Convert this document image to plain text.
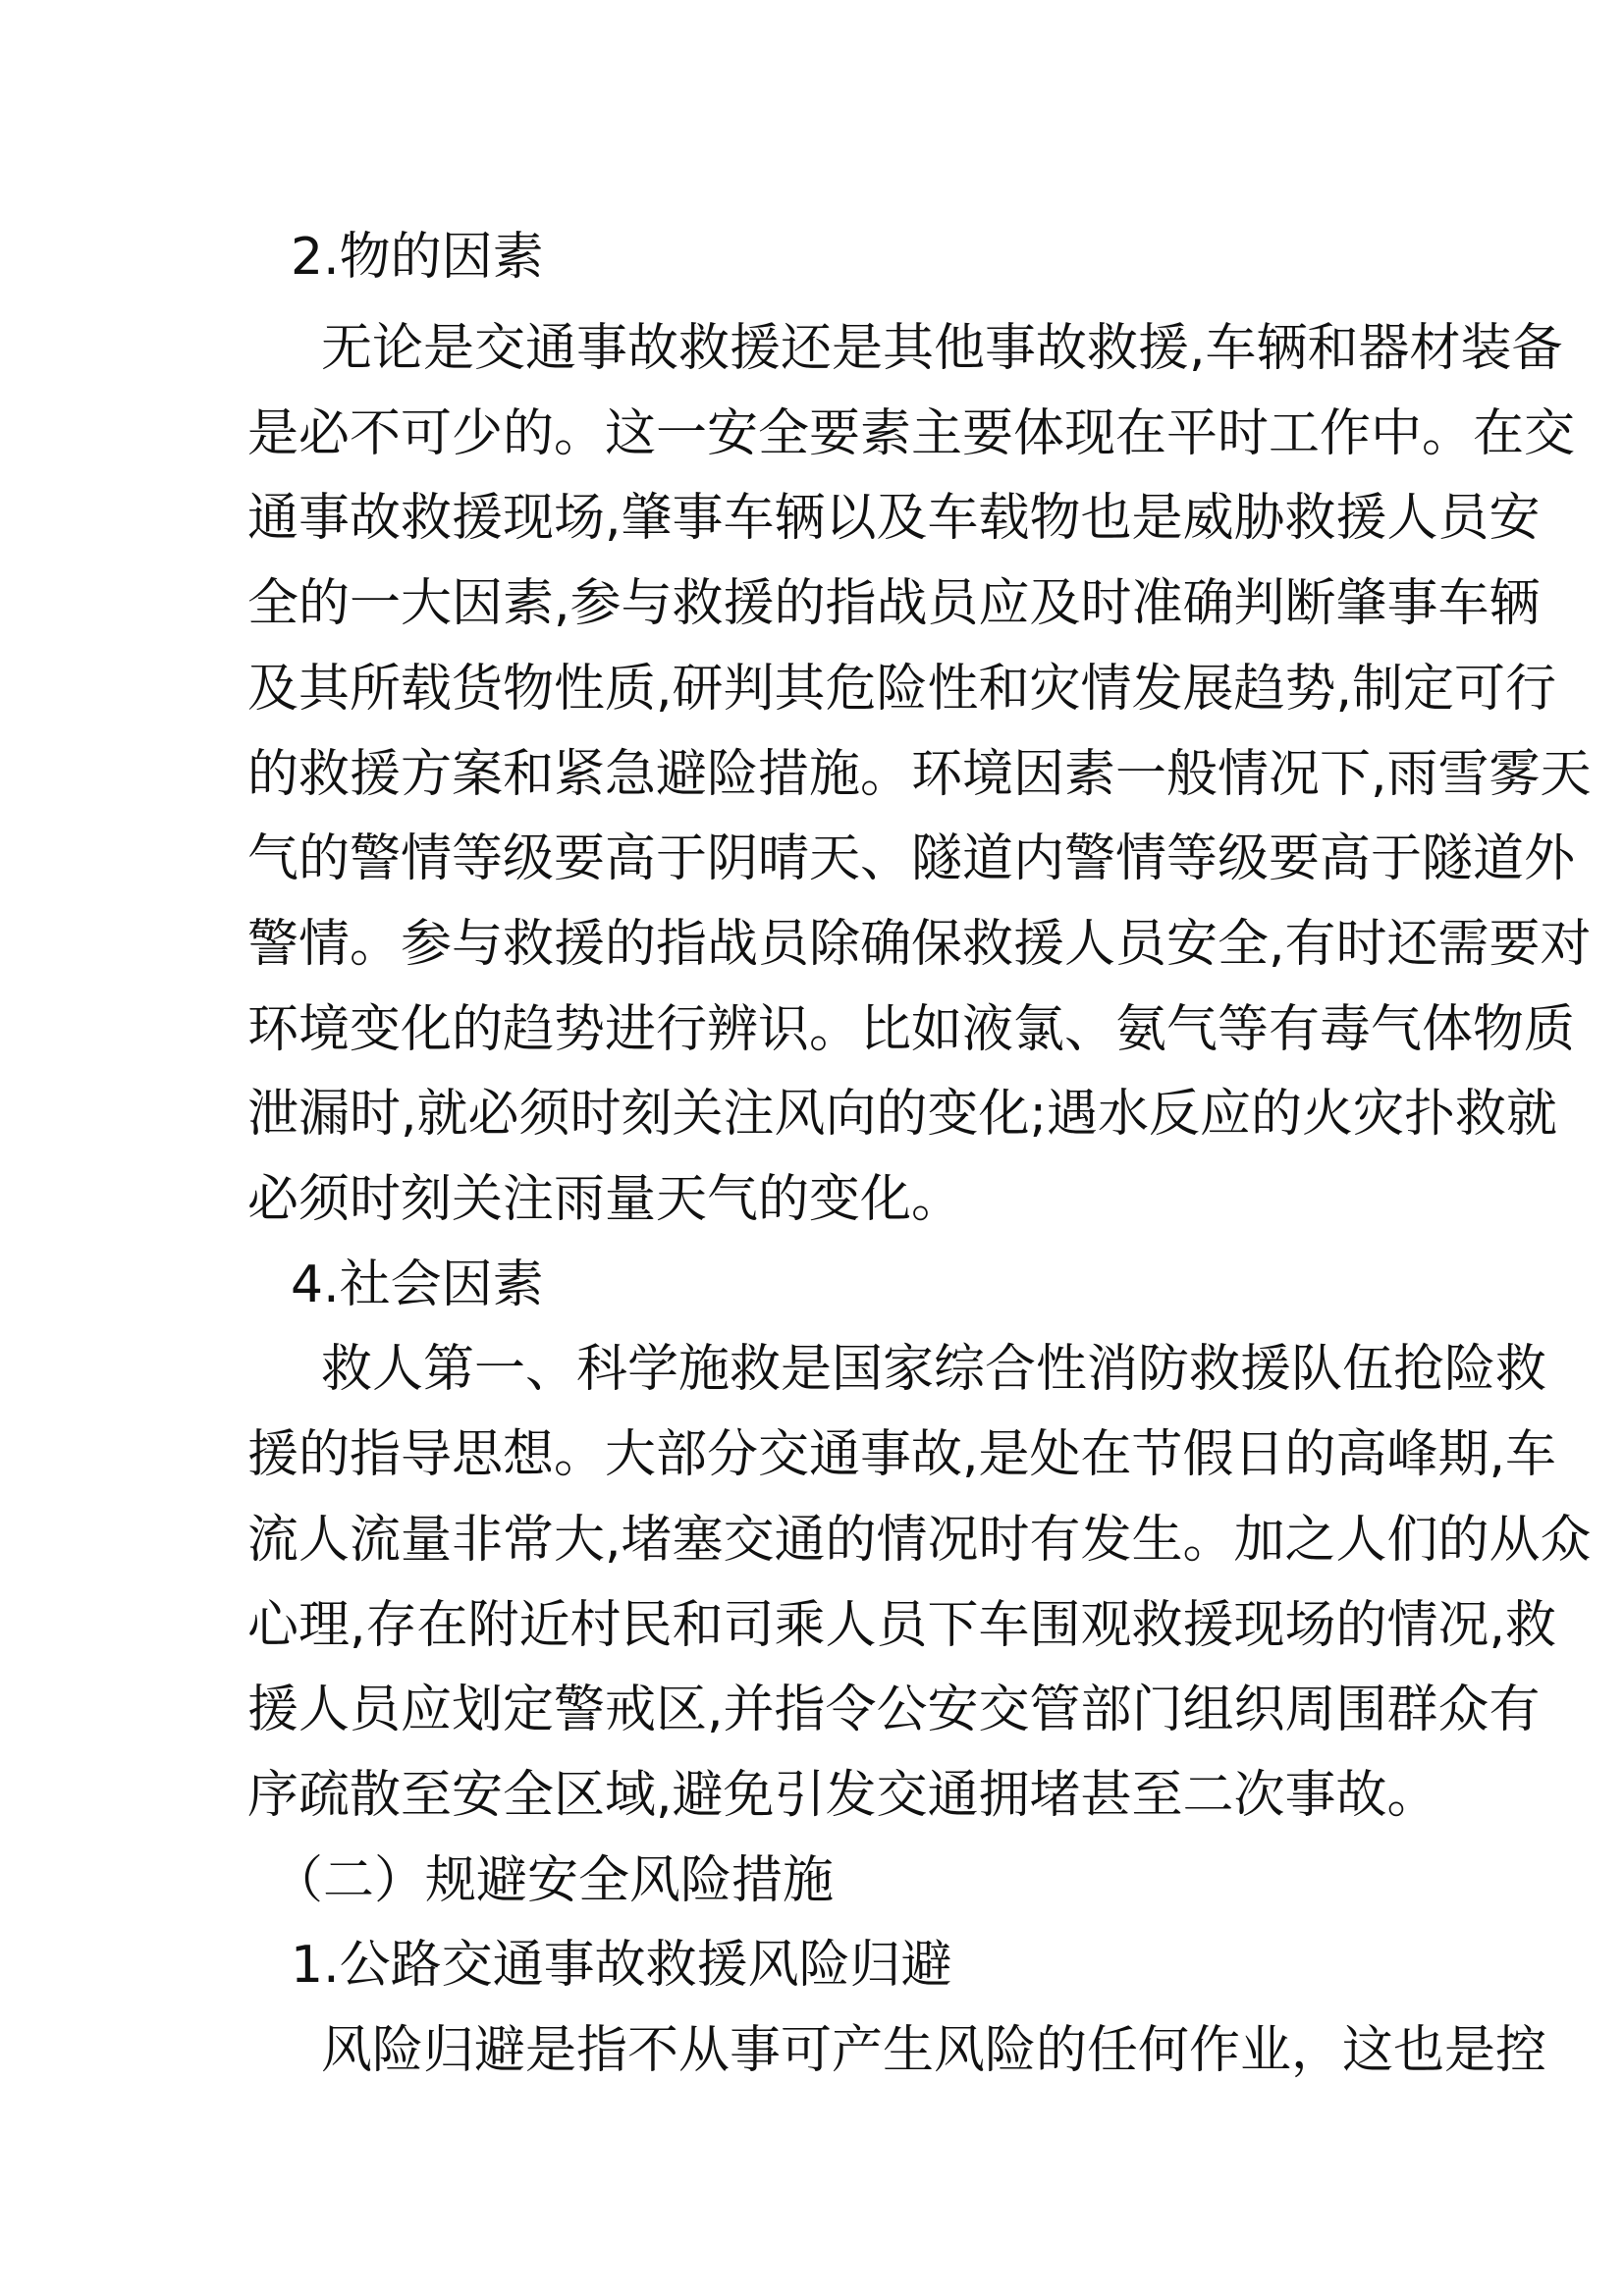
2.物的因素
无论是交通事故救援还是其他事故救援,车辆和器材装备
是必不可少的。这一安全要素主要体现在平时工作中。在交
通事故救援现场,肇事车辆以及车载物也是威胁救援人员安
全的一大因素,参与救援的指战员应及时准确判断肇事车辆
及其所载货物性质,研判其危险性和灾情发展趋势,制定可行
的救援方案和紧急避险措施。环境因素一般情况下,雨雪雾天
气的警情等级要高于阴晴天、隧道内警情等级要高于隧道外
警情。参与救援的指战员除确保救援人员安全,有时还需要对
环境变化的趋势进行辨识。比如液氯、氨气等有毒气体物质
泄漏时,就必须时刻关注风向的变化;遇水反应的火灾扑救就
必须时刻关注雨量天气的变化。
4.社会因素
救人第一、科学施救是国家综合性消防救援队伍抢险救
援的指导思想。大部分交通事故,是处在节假日的高峰期,车
流人流量非常大,堵塞交通的情况时有发生。加之人们的从众
心理,存在附近村民和司乘人员下车围观救援现场的情况,救
援人员应划定警戒区,并指令公安交管部门组织周围群众有
序疏散至安全区域,避免引发交通拥堵甚至二次事故。
（二）规避安全风险措施
1.公路交通事故救援风险归避
风险归避是指不从事可产生风险的任何作业，这也是控
